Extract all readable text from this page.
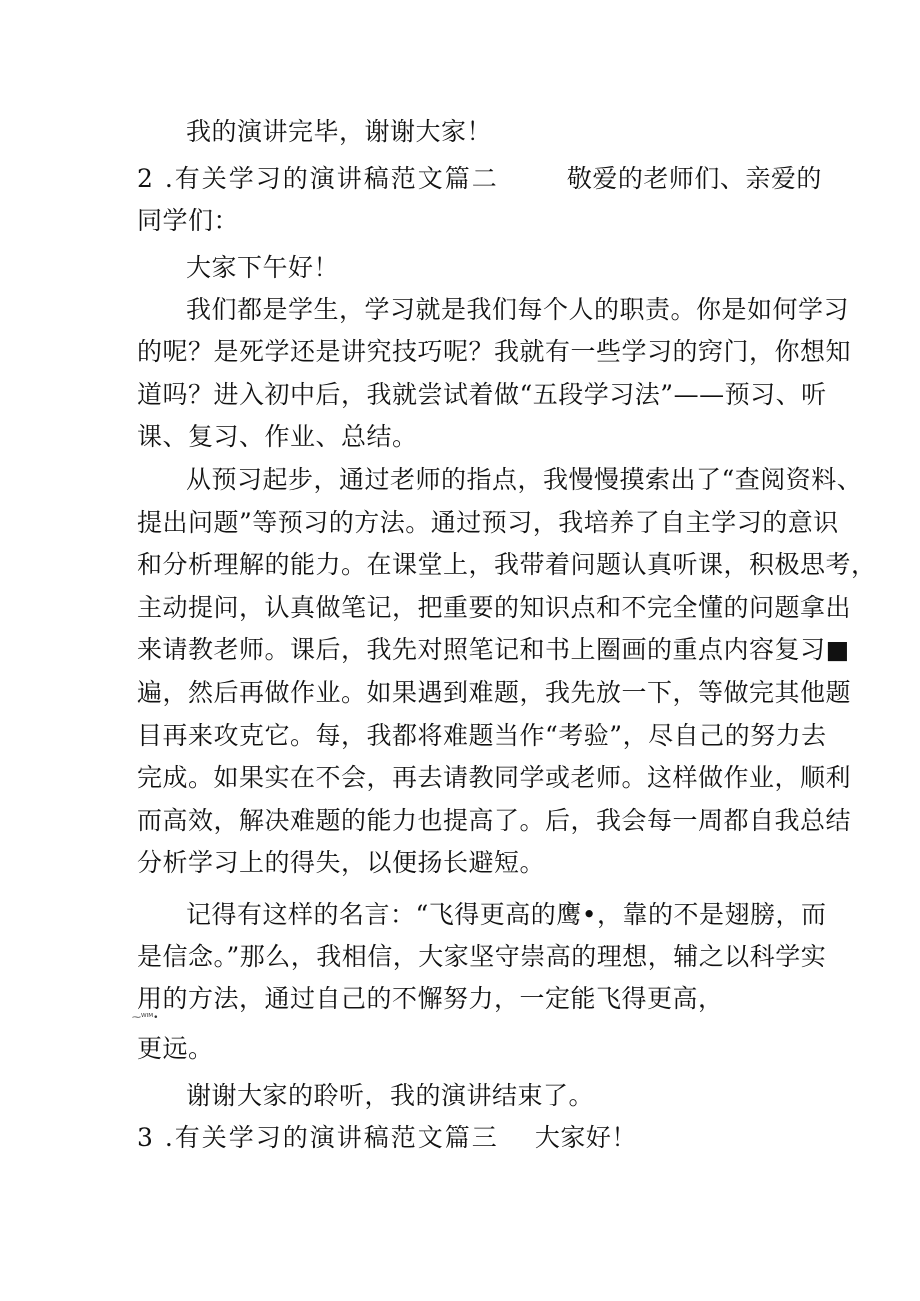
我的演讲完毕，谢谢大家！
2 .有关学习的演讲稿范文篇二	敬爱的老师们、亲爱的
同学们：
大家下午好！
我们都是学生，学习就是我们每个人的职责。你是如何学习
的呢？是死学还是讲究技巧呢？我就有一些学习的窍门，你想知
道吗？进入初中后，我就尝试着做“五段学习法”——预习、听
课、复习、作业、总结。
从预习起步，通过老师的指点，我慢慢摸索出了“查阅资料、
提出问题”等预习的方法。通过预习，我培养了自主学习的意识
和分析理解的能力。在课堂上，我带着问题认真听课，积极思考，
主动提问，认真做笔记，把重要的知识点和不完全懂的问题拿出
来请教老师。课后，我先对照笔记和书上圈画的重点内容复习■
遍，然后再做作业。如果遇到难题，我先放一下，等做完其他题
目再来攻克它。每，我都将难题当作“考验”，尽自己的努力去
完成。如果实在不会，再去请教同学或老师。这样做作业，顺利
而高效，解决难题的能力也提高了。后，我会每一周都自我总结
分析学习上的得失，以便扬长避短。
记得有这样的名言：“飞得更高的鹰•，靠的不是翅膀，而
是信念。”那么，我相信，大家坚守崇高的理想，辅之以科学实
用的方法，通过自己的不懈努力，一定能飞得更高，
⁓ᵂᴵᴹ•
更远。
谢谢大家的聆听，我的演讲结束了。
3 .有关学习的演讲稿范文篇三 大家好！
